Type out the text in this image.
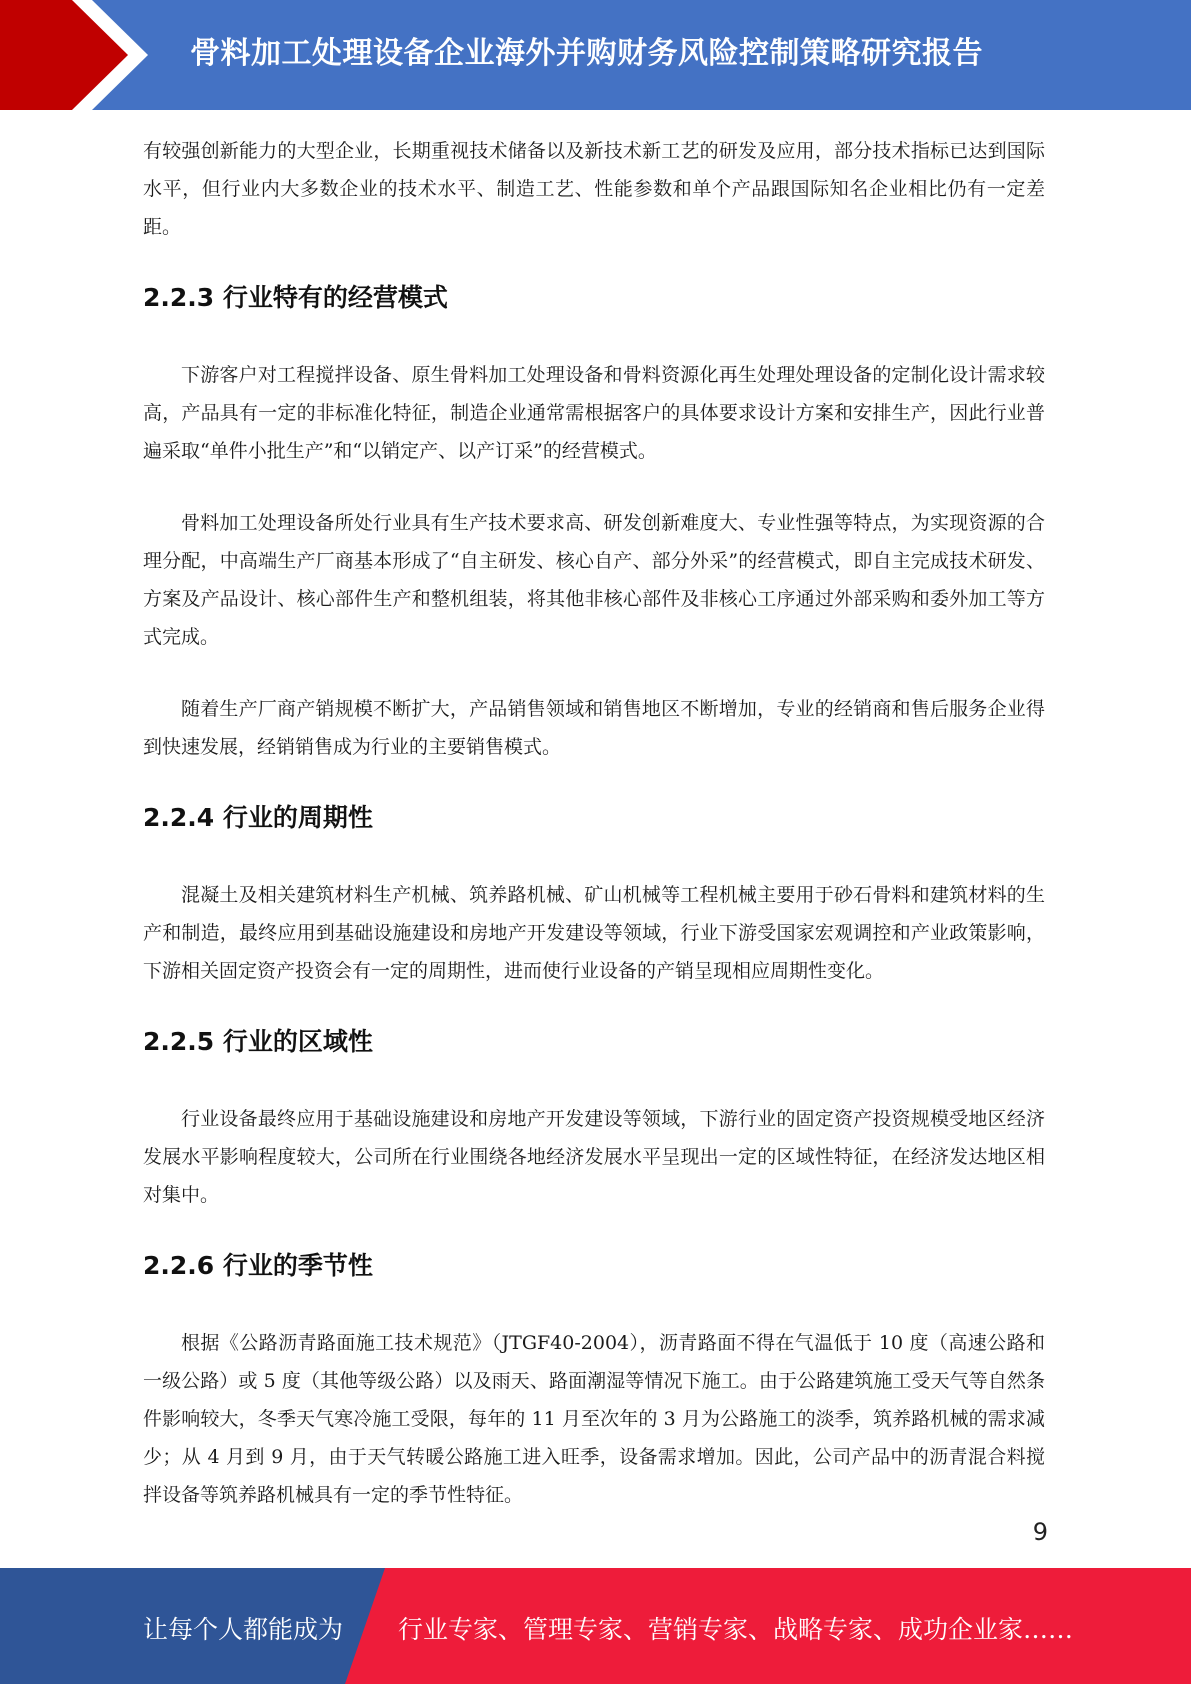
骨料加工处理设备企业海外并购财务风险控制策略研究报告

有较强创新能力的大型企业，长期重视技术储备以及新技术新工艺的研发及应用，部分技术指标已达到国际水平，但行业内大多数企业的技术水平、制造工艺、性能参数和单个产品跟国际知名企业相比仍有一定差距。

2.2.3 行业特有的经营模式

下游客户对工程搅拌设备、原生骨料加工处理设备和骨料资源化再生处理处理设备的定制化设计需求较高，产品具有一定的非标准化特征，制造企业通常需根据客户的具体要求设计方案和安排生产，因此行业普遍采取“单件小批生产”和“以销定产、以产订采”的经营模式。

骨料加工处理设备所处行业具有生产技术要求高、研发创新难度大、专业性强等特点，为实现资源的合理分配，中高端生产厂商基本形成了“自主研发、核心自产、部分外采”的经营模式，即自主完成技术研发、方案及产品设计、核心部件生产和整机组装，将其他非核心部件及非核心工序通过外部采购和委外加工等方式完成。

随着生产厂商产销规模不断扩大，产品销售领域和销售地区不断增加，专业的经销商和售后服务企业得到快速发展，经销销售成为行业的主要销售模式。

2.2.4 行业的周期性

混凝土及相关建筑材料生产机械、筑养路机械、矿山机械等工程机械主要用于砂石骨料和建筑材料的生产和制造，最终应用到基础设施建设和房地产开发建设等领域，行业下游受国家宏观调控和产业政策影响，下游相关固定资产投资会有一定的周期性，进而使行业设备的产销呈现相应周期性变化。

2.2.5 行业的区域性

行业设备最终应用于基础设施建设和房地产开发建设等领域，下游行业的固定资产投资规模受地区经济发展水平影响程度较大，公司所在行业围绕各地经济发展水平呈现出一定的区域性特征，在经济发达地区相对集中。

2.2.6 行业的季节性

根据《公路沥青路面施工技术规范》（JTGF40-2004），沥青路面不得在气温低于 10 度（高速公路和一级公路）或 5 度（其他等级公路）以及雨天、路面潮湿等情况下施工。由于公路建筑施工受天气等自然条件影响较大，冬季天气寒冷施工受限，每年的 11 月至次年的 3 月为公路施工的淡季，筑养路机械的需求减少；从 4 月到 9 月，由于天气转暖公路施工进入旺季，设备需求增加。因此，公司产品中的沥青混合料搅拌设备等筑养路机械具有一定的季节性特征。

9
让每个人都能成为 行业专家、管理专家、营销专家、战略专家、成功企业家……
